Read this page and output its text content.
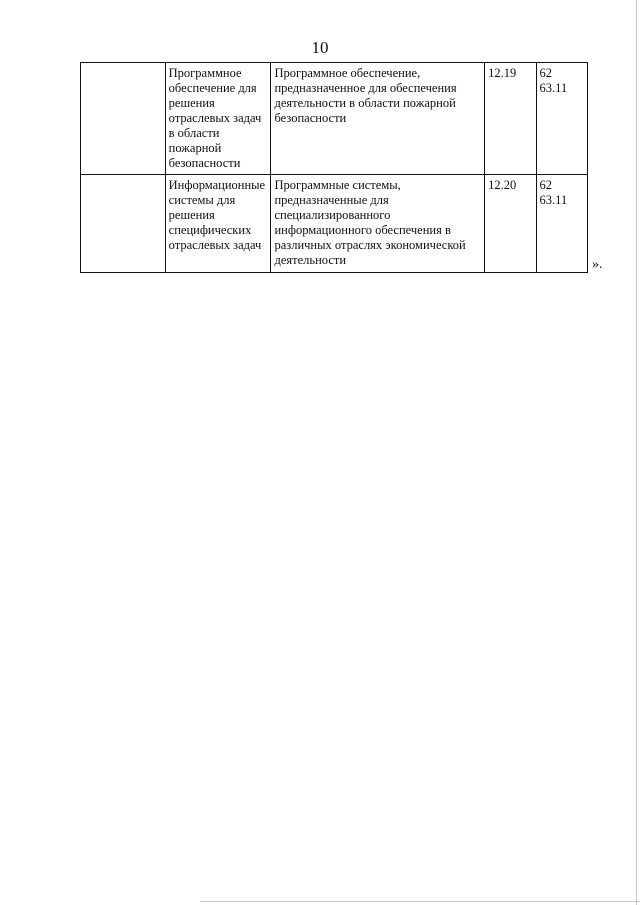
10
	Программное обеспечение для решения отраслевых задач в области пожарной безопасности	Программное обеспечение, предназначенное для обеспечения деятельности в области пожарной безопасности	12.19	62
63.11

	Информационные системы для решения специфических отраслевых задач	Программные системы, предназначенные для специализированного информационного обеспечения в различных отраслях экономической деятельности	12.20	62
63.11
».
